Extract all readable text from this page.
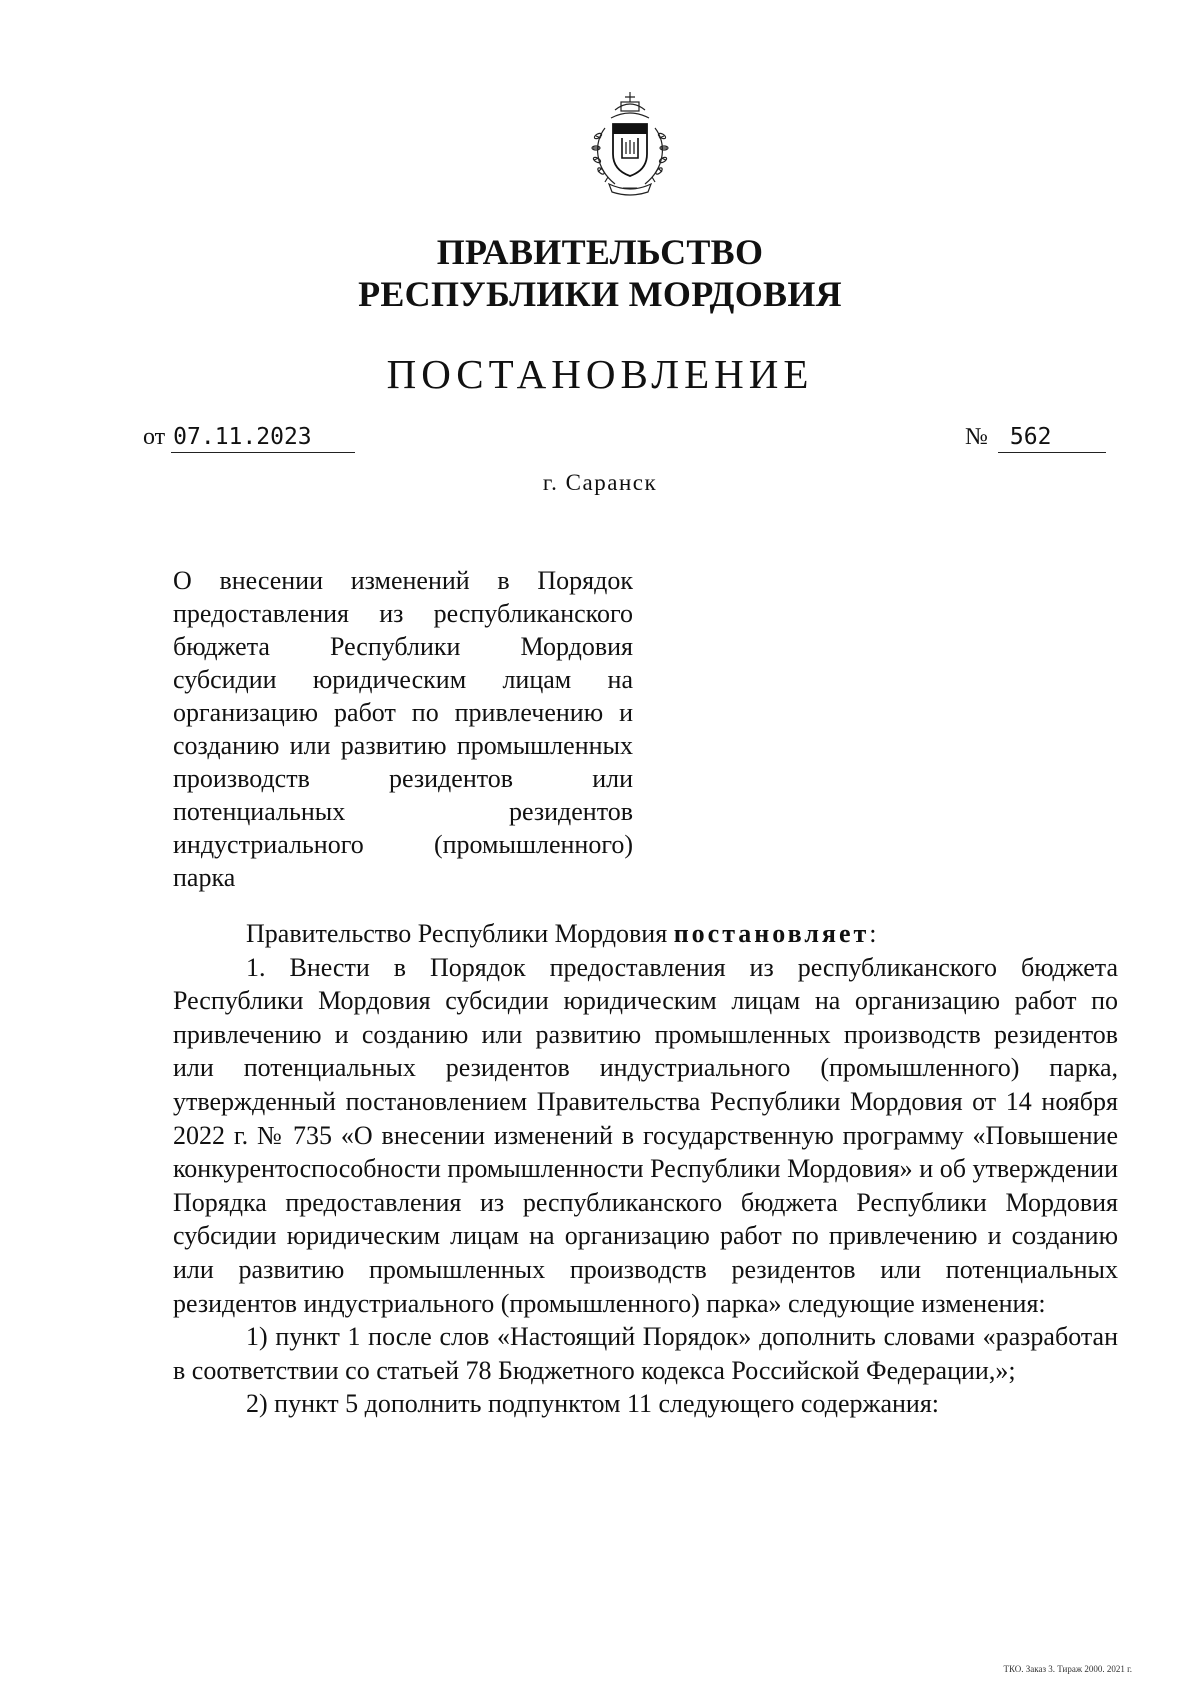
ПРАВИТЕЛЬСТВО
РЕСПУБЛИКИ МОРДОВИЯ
ПОСТАНОВЛЕНИЕ
от 07.11.2023	№ 562
г. Саранск
О внесении изменений в Порядок предоставления из республиканского бюджета Республики Мордовия субсидии юридическим лицам на организацию работ по привлечению и созданию или развитию промышленных производств резидентов или потенциальных резидентов индустриального (промышленного) парка

Правительство Республики Мордовия постановляет:

1. Внести в Порядок предоставления из республиканского бюджета Республики Мордовия субсидии юридическим лицам на организацию работ по привлечению и созданию или развитию промышленных производств резидентов или потенциальных резидентов индустриального (промышленного) парка, утвержденный постановлением Правительства Республики Мордовия от 14 ноября 2022 г. № 735 «О внесении изменений в государственную программу «Повышение конкурентоспособности промышленности Республики Мордовия» и об утверждении Порядка предоставления из республиканского бюджета Республики Мордовия субсидии юридическим лицам на организацию работ по привлечению и созданию или развитию промышленных производств резидентов или потенциальных резидентов индустриального (промышленного) парка» следующие изменения:

1) пункт 1 после слов «Настоящий Порядок» дополнить словами «разработан в соответствии со статьей 78 Бюджетного кодекса Российской Федерации,»;

2) пункт 5 дополнить подпунктом 11 следующего содержания:

ТКО. Заказ 3. Тираж 2000. 2021 г.
